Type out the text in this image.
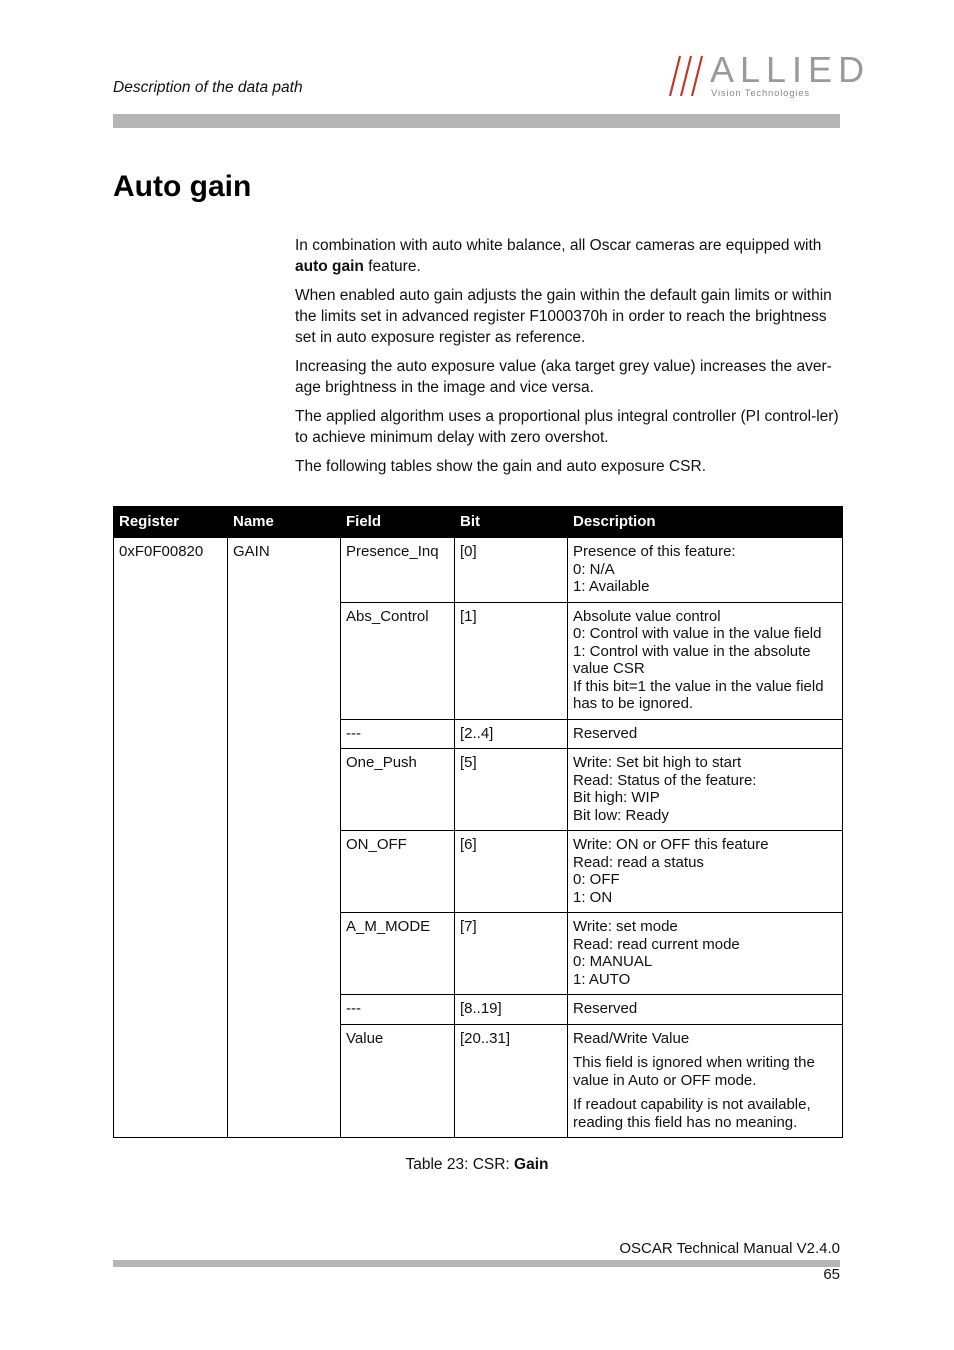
Description of the data path	ALLIED
Vision Technologies
Auto gain

In combination with auto white balance, all Oscar cameras are equipped with auto gain feature.

When enabled auto gain adjusts the gain within the default gain limits or within the limits set in advanced register F1000370h in order to reach the brightness set in auto exposure register as reference.

Increasing the auto exposure value (aka target grey value) increases the aver-age brightness in the image and vice versa.

The applied algorithm uses a proportional plus integral controller (PI control-ler) to achieve minimum delay with zero overshot.

The following tables show the gain and auto exposure CSR.

Register	Name	Field	Bit	Description
0xF0F00820	GAIN	Presence_Inq	[0]	Presence of this feature:
0: N/A
1: Available

		Abs_Control	[1]	Absolute value control
0: Control with value in the value field
1: Control with value in the absolute value CSR
If this bit=1 the value in the value field has to be ignored.

		---	[2..4]	Reserved

		One_Push	[5]	Write: Set bit high to start
Read: Status of the feature:
Bit high: WIP
Bit low: Ready

		ON_OFF	[6]	Write: ON or OFF this feature
Read: read a status
0: OFF
1: ON

		A_M_MODE	[7]	Write: set mode
Read: read current mode
0: MANUAL
1: AUTO

		---	[8..19]	Reserved

		Value	[20..31]	Read/Write Value
This field is ignored when writing the value in Auto or OFF mode.
If readout capability is not available, reading this field has no meaning.
Table 23: CSR: Gain
OSCAR Technical Manual V2.4.0
65
